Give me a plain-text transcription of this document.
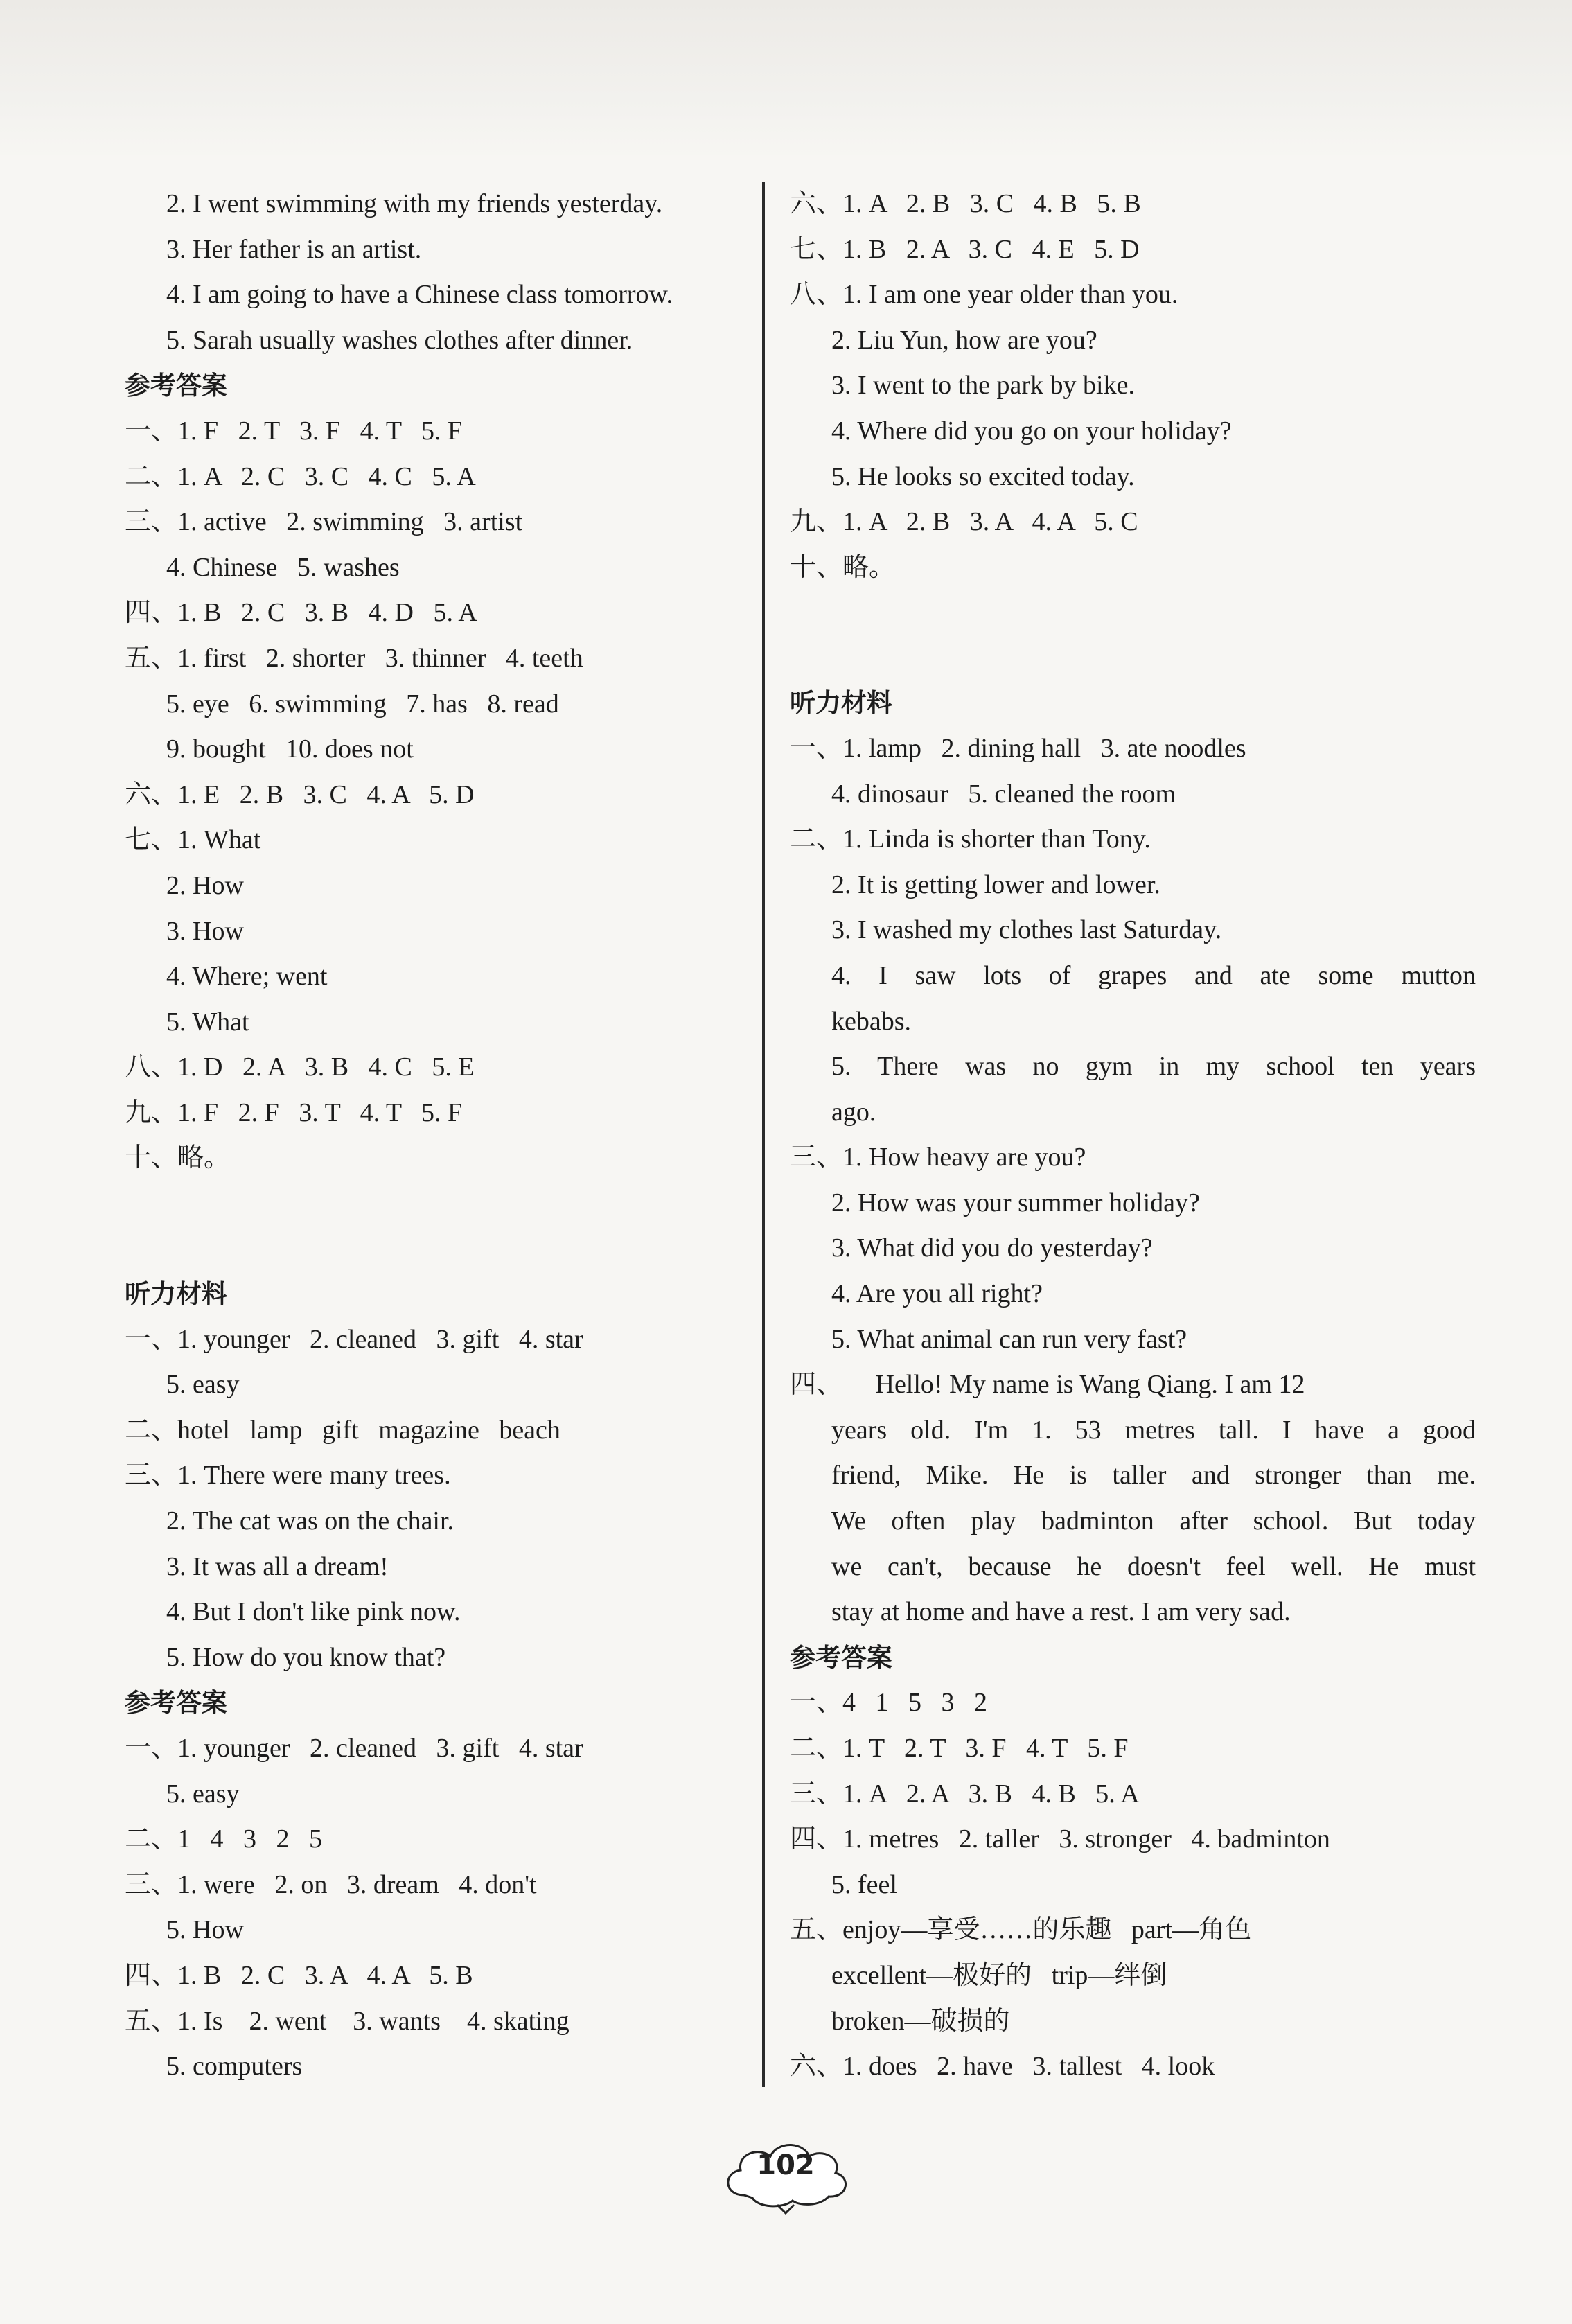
2. I went swimming with my friends yesterday.
3. Her father is an artist.
4. I am going to have a Chinese class tomorrow.
5. Sarah usually washes clothes after dinner.
参考答案
一、1. F   2. T   3. F   4. T   5. F
二、1. A   2. C   3. C   4. C   5. A
三、1. active   2. swimming   3. artist
4. Chinese   5. washes
四、1. B   2. C   3. B   4. D   5. A
五、1. first   2. shorter   3. thinner   4. teeth
5. eye   6. swimming   7. has   8. read
9. bought   10. does not
六、1. E   2. B   3. C   4. A   5. D
七、1. What
2. How
3. How
4. Where; went
5. What
八、1. D   2. A   3. B   4. C   5. E
九、1. F   2. F   3. T   4. T   5. F
十、略。

听力材料
一、1. younger   2. cleaned   3. gift   4. star
5. easy
二、hotel   lamp   gift   magazine   beach
三、1. There were many trees.
2. The cat was on the chair.
3. It was all a dream!
4. But I don't like pink now.
5. How do you know that?
参考答案
一、1. younger   2. cleaned   3. gift   4. star
5. easy
二、1   4   3   2   5
三、1. were   2. on   3. dream   4. don't
5. How
四、1. B   2. C   3. A   4. A   5. B
五、1. Is    2. went    3. wants    4. skating
5. computers
六、1. A   2. B   3. C   4. B   5. B
七、1. B   2. A   3. C   4. E   5. D
八、1. I am one year older than you.
2. Liu Yun, how are you?
3. I went to the park by bike.
4. Where did you go on your holiday?
5. He looks so excited today.
九、1. A   2. B   3. A   4. A   5. C
十、略。

听力材料
一、1. lamp   2. dining hall   3. ate noodles
4. dinosaur   5. cleaned the room
二、1. Linda is shorter than Tony.
2. It is getting lower and lower.
3. I washed my clothes last Saturday.
4. I saw lots of grapes and ate some mutton
kebabs.
5. There was no gym in my school ten years
ago.
三、1. How heavy are you?
2. How was your summer holiday?
3. What did you do yesterday?
4. Are you all right?
5. What animal can run very fast?
四、     Hello! My name is Wang Qiang. I am 12
years old. I'm 1. 53 metres tall. I have a good
friend, Mike. He is taller and stronger than me.
We often play badminton after school. But today
we can't, because he doesn't feel well. He must
stay at home and have a rest. I am very sad.
参考答案
一、4   1   5   3   2
二、1. T   2. T   3. F   4. T   5. F
三、1. A   2. A   3. B   4. B   5. A
四、1. metres   2. taller   3. stronger   4. badminton
5. feel
五、enjoy—享受……的乐趣   part—角色
excellent—极好的   trip—绊倒
broken—破损的
六、1. does   2. have   3. tallest   4. look
102
